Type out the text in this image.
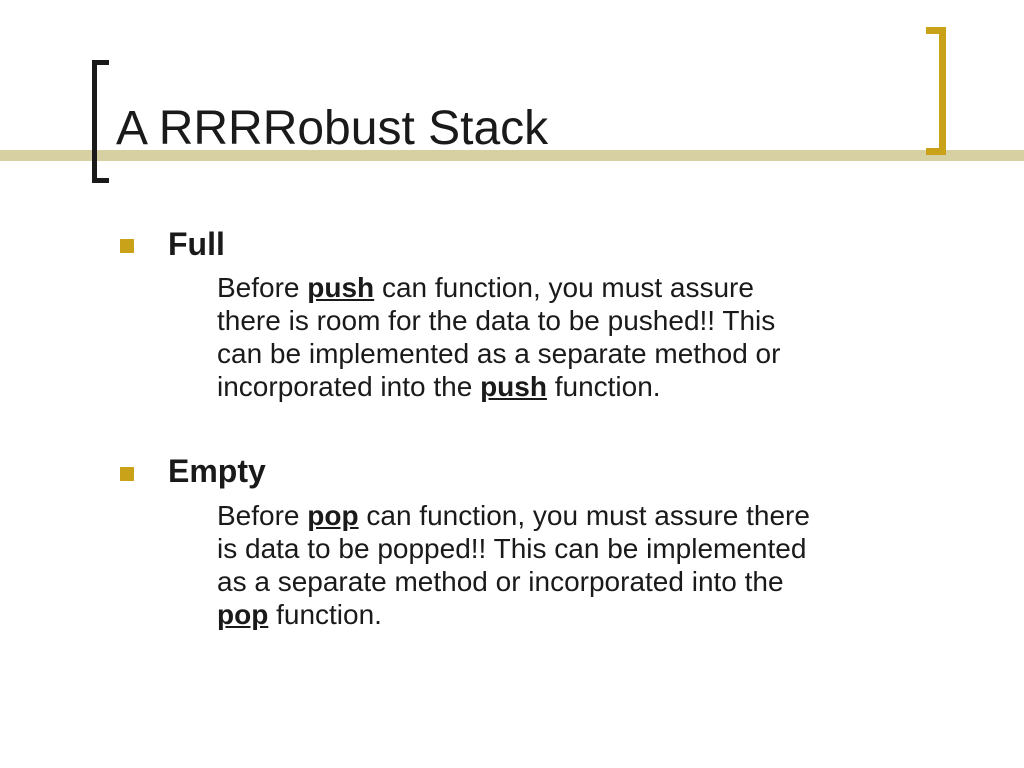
A RRRRobust Stack
Full

Before push can function, you must assure

there is room for the data to be pushed!! This

can be implemented as a separate method or

incorporated into the push function.

Empty

Before pop can function, you must assure there

is data to be popped!! This can be implemented

as a separate method or incorporated into the

pop function.
